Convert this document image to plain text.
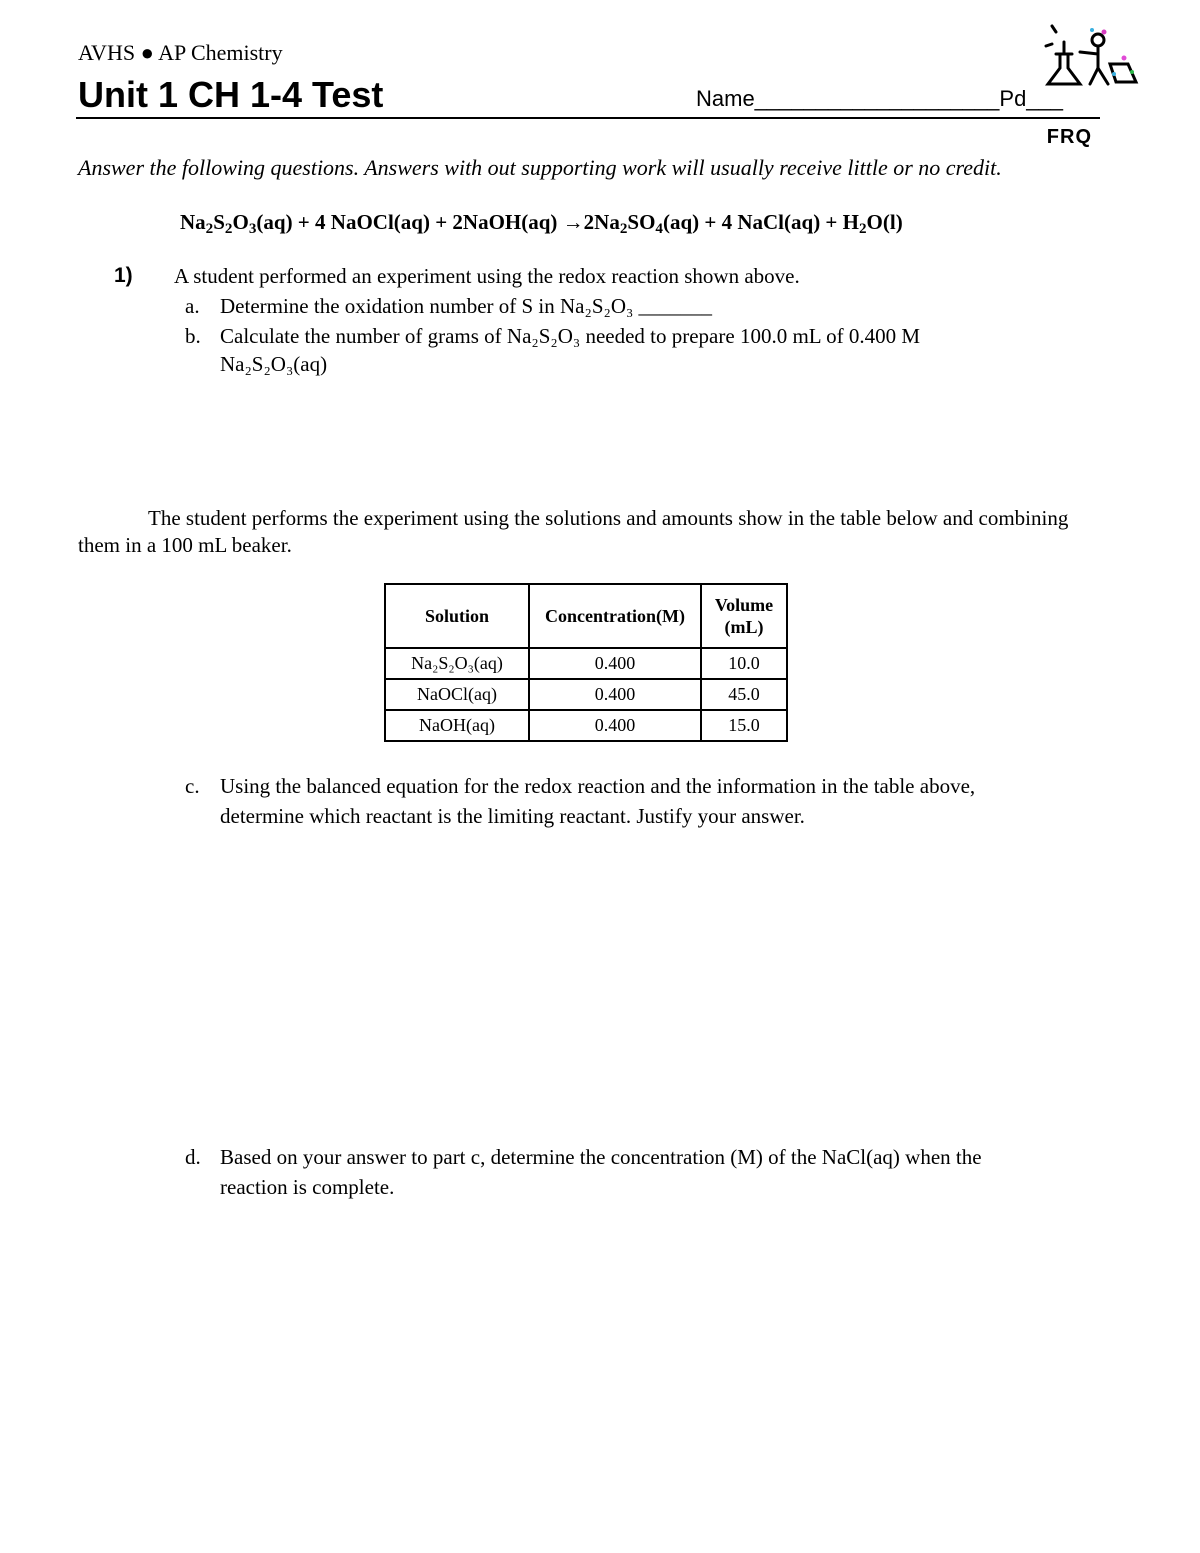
AVHS ● AP Chemistry
Unit 1 CH 1-4 Test	Name____________________Pd___
FRQ
Answer the following questions. Answers with out supporting work will usually receive little or no credit.
$Na_2S_2O_3(aq) + 4$ NaOCl(aq) + 2NaOH(aq) $\to 2Na_2SO_4(aq) + 4$ NaCl(aq) + $H_2O(l)$
1) A student performed an experiment using the redox reaction shown above.
a. Determine the oxidation number of S in Na₂S₂O₃ _______
b. Calculate the number of grams of Na₂S₂O₃ needed to prepare 100.0 mL of 0.400 M
Na₂S₂O₃(aq)
The student performs the experiment using the solutions and amounts show in the table below and combining them in a 100 mL beaker.
Solution	Concentration(M)	Volume (mL)
Na₂S₂O₃(aq)	0.400	10.0
NaOCl(aq)	0.400	45.0
NaOH(aq)	0.400	15.0
c. Using the balanced equation for the redox reaction and the information in the table above,
determine which reactant is the limiting reactant. Justify your answer.
d. Based on your answer to part c, determine the concentration (M) of the NaCl(aq) when the
reaction is complete.
